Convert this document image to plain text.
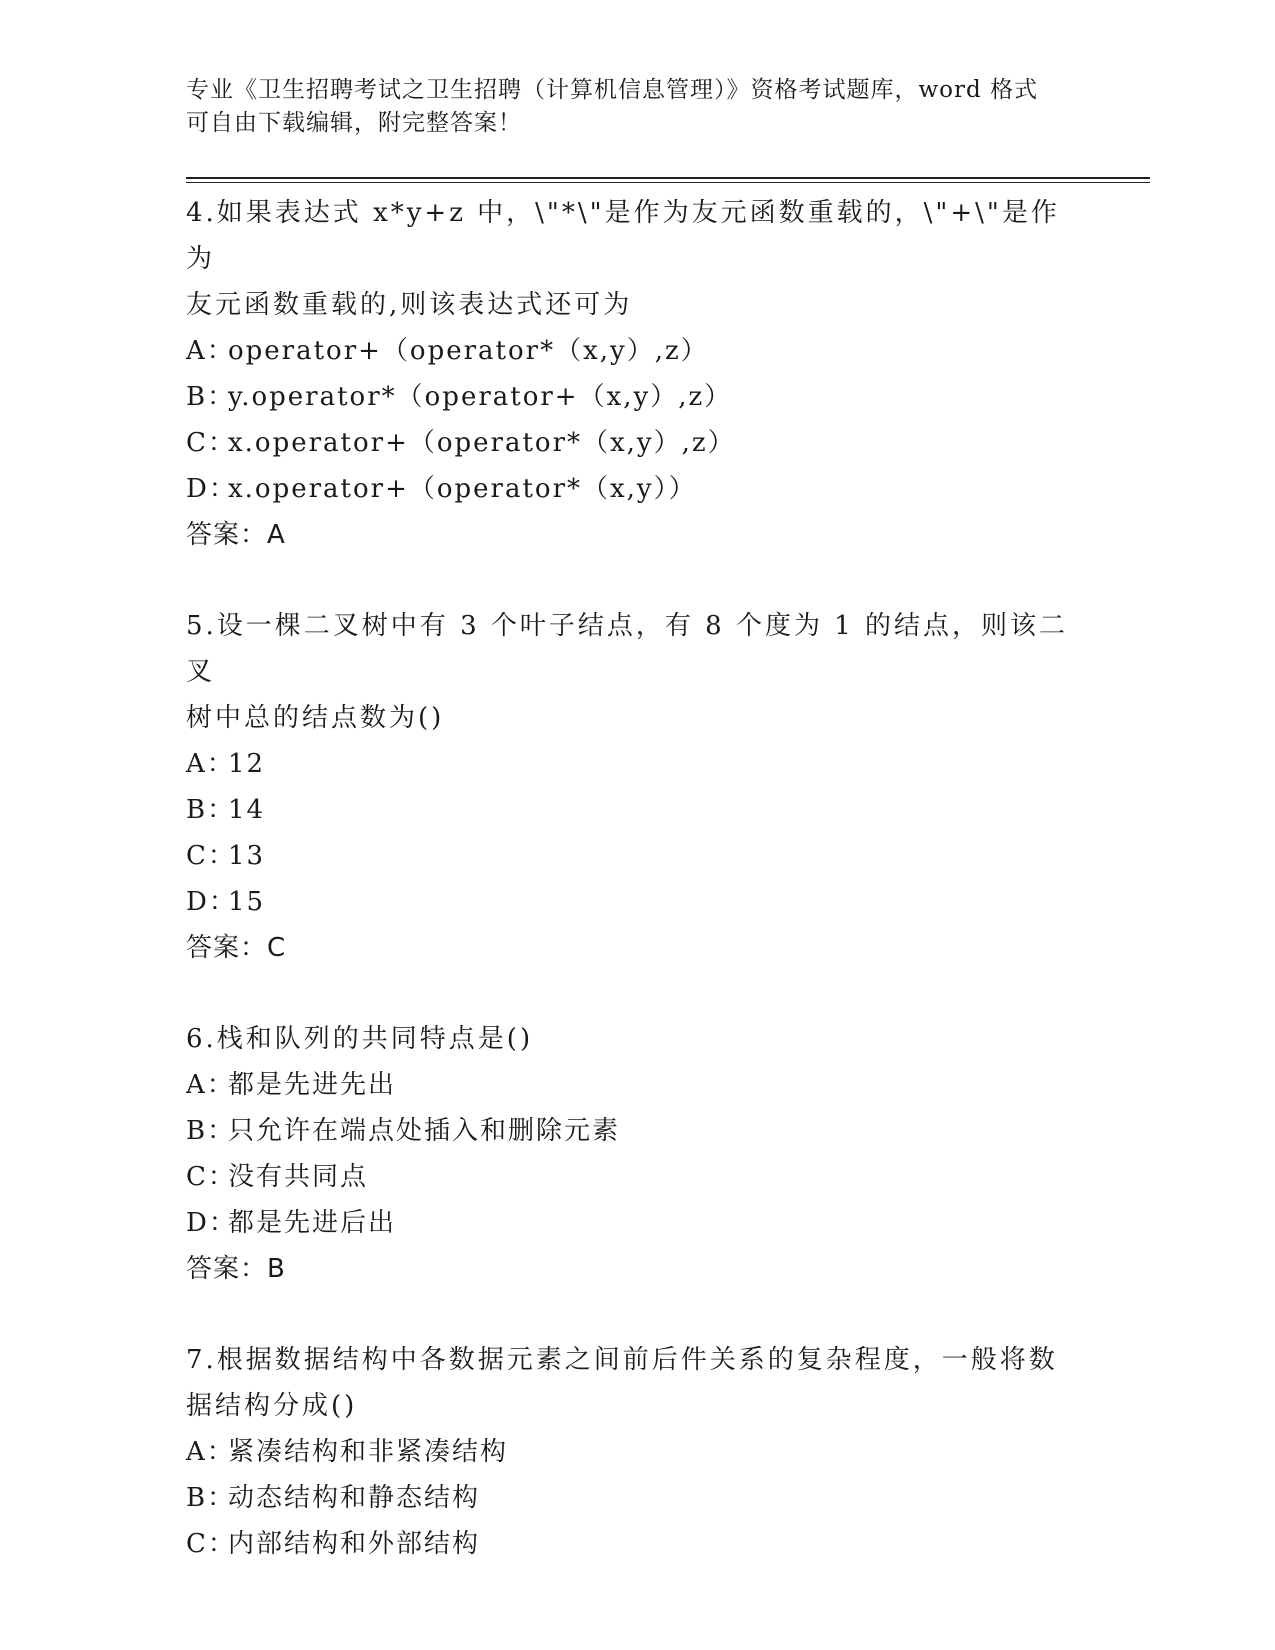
专业《卫生招聘考试之卫生招聘（计算机信息管理）》资格考试题库，word 格式
可自由下载编辑，附完整答案！
4.如果表达式 x*y+z 中，\"*\"是作为友元函数重载的，\"+\"是作为
友元函数重载的,则该表达式还可为
A：operator+（operator*（x,y）,z）
B：y.operator*（operator+（x,y）,z）
C：x.operator+（operator*（x,y）,z）
D：x.operator+（operator*（x,y））
答案：A
5.设一棵二叉树中有 3 个叶子结点，有 8 个度为 1 的结点，则该二叉
树中总的结点数为()
A：12
B：14
C：13
D：15
答案：C
6.栈和队列的共同特点是()
A：都是先进先出
B：只允许在端点处插入和删除元素
C：没有共同点
D：都是先进后出
答案：B
7.根据数据结构中各数据元素之间前后件关系的复杂程度，一般将数
据结构分成()
A：紧凑结构和非紧凑结构
B：动态结构和静态结构
C：内部结构和外部结构
